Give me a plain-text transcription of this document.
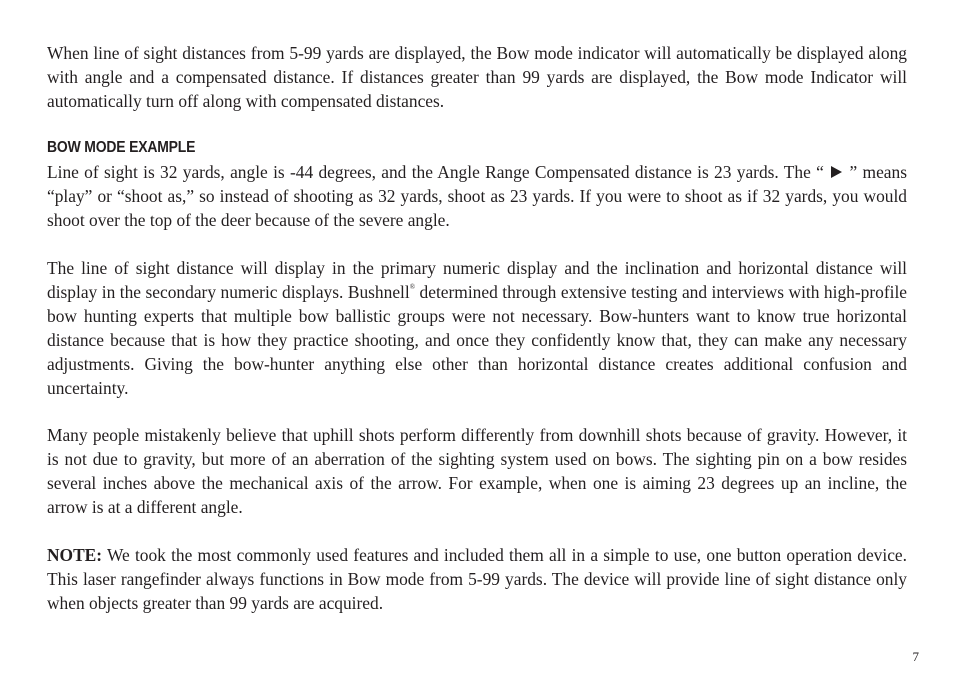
When line of sight distances from 5-99 yards are displayed, the Bow mode indicator will automatically be displayed along with angle and a compensated distance. If distances greater than 99 yards are displayed, the Bow mode Indicator will automatically turn off along with compensated distances.

BOW MODE EXAMPLE

Line of sight is 32 yards, angle is -44 degrees, and the Angle Range Compensated distance is 23 yards. The “ ” means “play” or “shoot as,” so instead of shooting as 32 yards, shoot as 23 yards. If you were to shoot as if 32 yards, you would shoot over the top of the deer because of the severe angle.

The line of sight distance will display in the primary numeric display and the inclination and horizontal distance will display in the secondary numeric displays. Bushnell® determined through extensive testing and interviews with high-profile bow hunting experts that multiple bow ballistic groups were not necessary. Bow-hunters want to know true horizontal distance because that is how they practice shooting, and once they confidently know that, they can make any necessary adjustments. Giving the bow-hunter anything else other than horizontal distance creates additional confusion and uncertainty.

Many people mistakenly believe that uphill shots perform differently from downhill shots because of gravity. However, it is not due to gravity, but more of an aberration of the sighting system used on bows. The sighting pin on a bow resides several inches above the mechanical axis of the arrow. For example, when one is aiming 23 degrees up an incline, the arrow is at a different angle.

NOTE: We took the most commonly used features and included them all in a simple to use, one button operation device. This laser rangefinder always functions in Bow mode from 5-99 yards. The device will provide line of sight distance only when objects greater than 99 yards are acquired.

7
